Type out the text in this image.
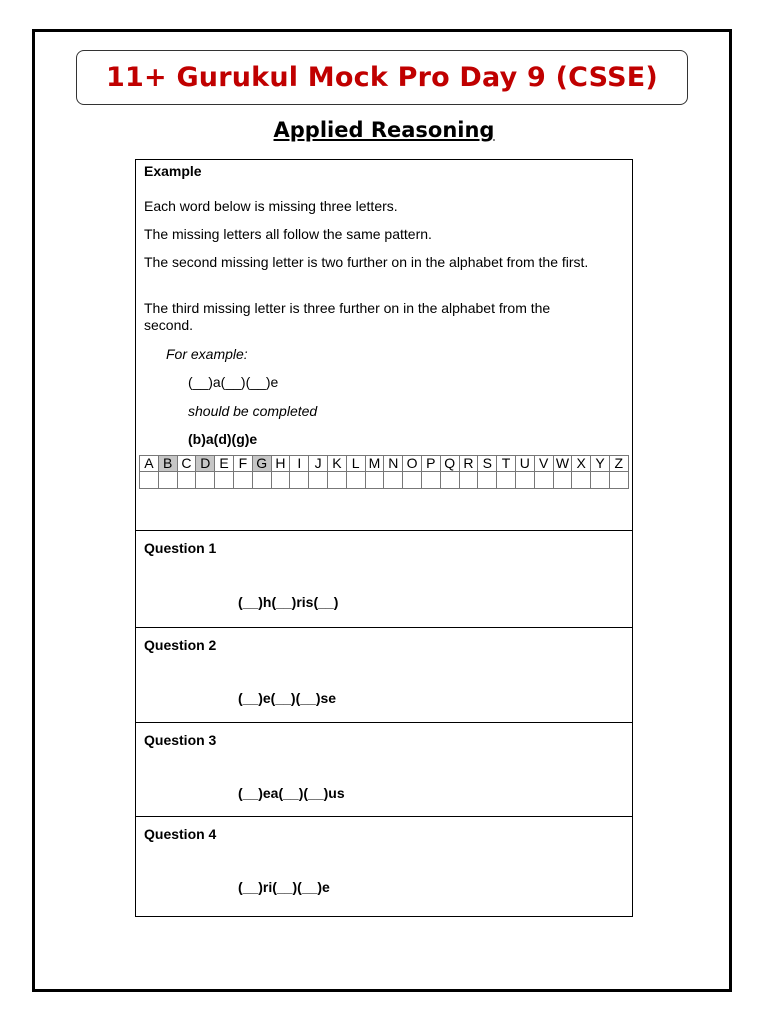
11+ Gurukul Mock Pro Day 9 (CSSE)
Applied Reasoning
Example
Each word below is missing three letters.
The missing letters all follow the same pattern.
The second missing letter is two further on in the alphabet from the first.
The third missing letter is three further on in the alphabet from the second.
For example:
(__)a(__)(__)e
should be completed
(b)a(d)(g)e
A	B	C	D	E	F	G	H	I	J	K	L	M	N	O	P	Q	R	S	T	U	V	W	X	Y	Z

Question 1
(__)h(__)ris(__)
Question 2
(__)e(__)(__)se
Question 3
(__)ea(__)(__)us
Question 4
(__)ri(__)(__)e
